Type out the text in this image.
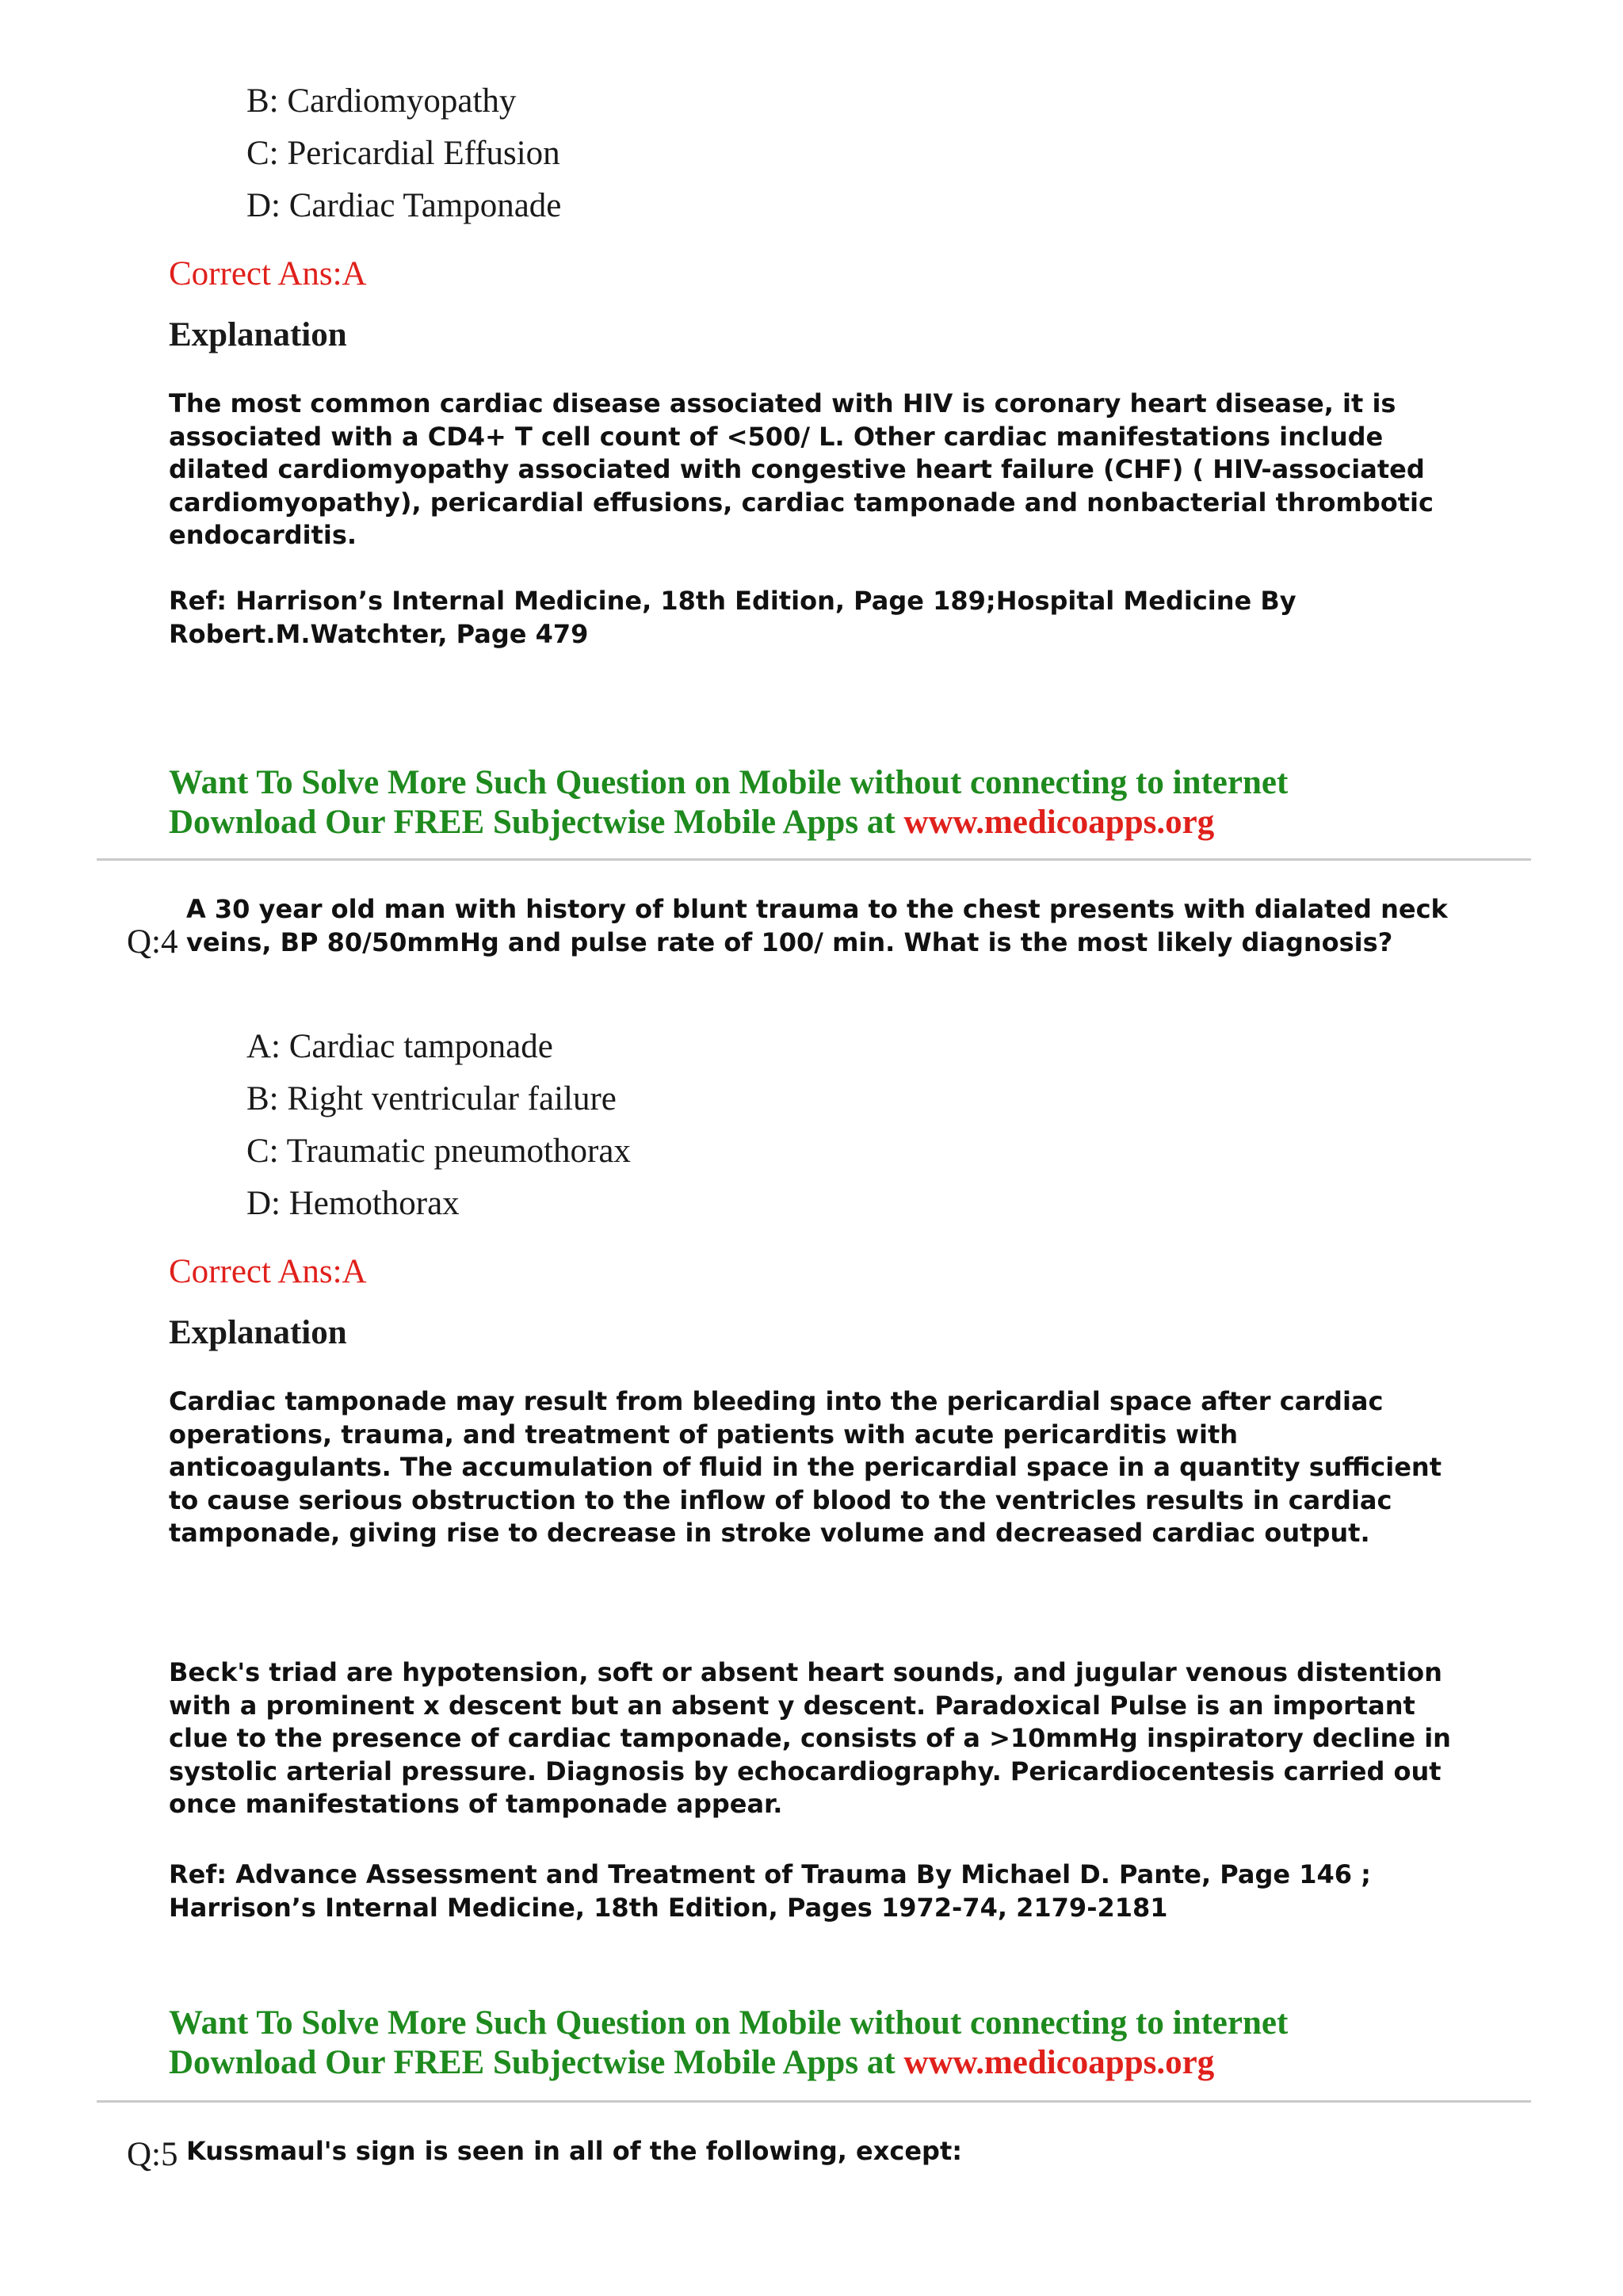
B: Cardiomyopathy
C: Pericardial Effusion
D: Cardiac Tamponade
Correct Ans:A
Explanation

The most common cardiac disease associated with HIV is coronary heart disease, it is associated with a CD4+ T cell count of <500/ L. Other cardiac manifestations include dilated cardiomyopathy associated with congestive heart failure (CHF) ( HIV-associated cardiomyopathy), pericardial effusions, cardiac tamponade and nonbacterial thrombotic endocarditis.

Ref: Harrison’s Internal Medicine, 18th Edition, Page 189;Hospital Medicine By Robert.M.Watchter, Page 479

Want To Solve More Such Question on Mobile without connecting to internet
Download Our FREE Subjectwise Mobile Apps at www.medicoapps.org
Q:4
A 30 year old man with history of blunt trauma to the chest presents with dialated neck veins, BP 80/50mmHg and pulse rate of 100/ min. What is the most likely diagnosis?
A: Cardiac tamponade
B: Right ventricular failure
C: Traumatic pneumothorax
D: Hemothorax
Correct Ans:A
Explanation

Cardiac tamponade may result from bleeding into the pericardial space after cardiac operations, trauma, and treatment of patients with acute pericarditis with anticoagulants. The accumulation of fluid in the pericardial space in a quantity sufficient to cause serious obstruction to the inflow of blood to the ventricles results in cardiac tamponade, giving rise to decrease in stroke volume and decreased cardiac output.

Beck's triad are hypotension, soft or absent heart sounds, and jugular venous distention with a prominent x descent but an absent y descent. Paradoxical Pulse is an important clue to the presence of cardiac tamponade, consists of a >10mmHg inspiratory decline in systolic arterial pressure. Diagnosis by echocardiography. Pericardiocentesis carried out once manifestations of tamponade appear.

Ref: Advance Assessment and Treatment of Trauma By Michael D. Pante, Page 146 ; Harrison’s Internal Medicine, 18th Edition, Pages 1972-74, 2179-2181

Want To Solve More Such Question on Mobile without connecting to internet
Download Our FREE Subjectwise Mobile Apps at www.medicoapps.org
Q:5 Kussmaul's sign is seen in all of the following, except:
